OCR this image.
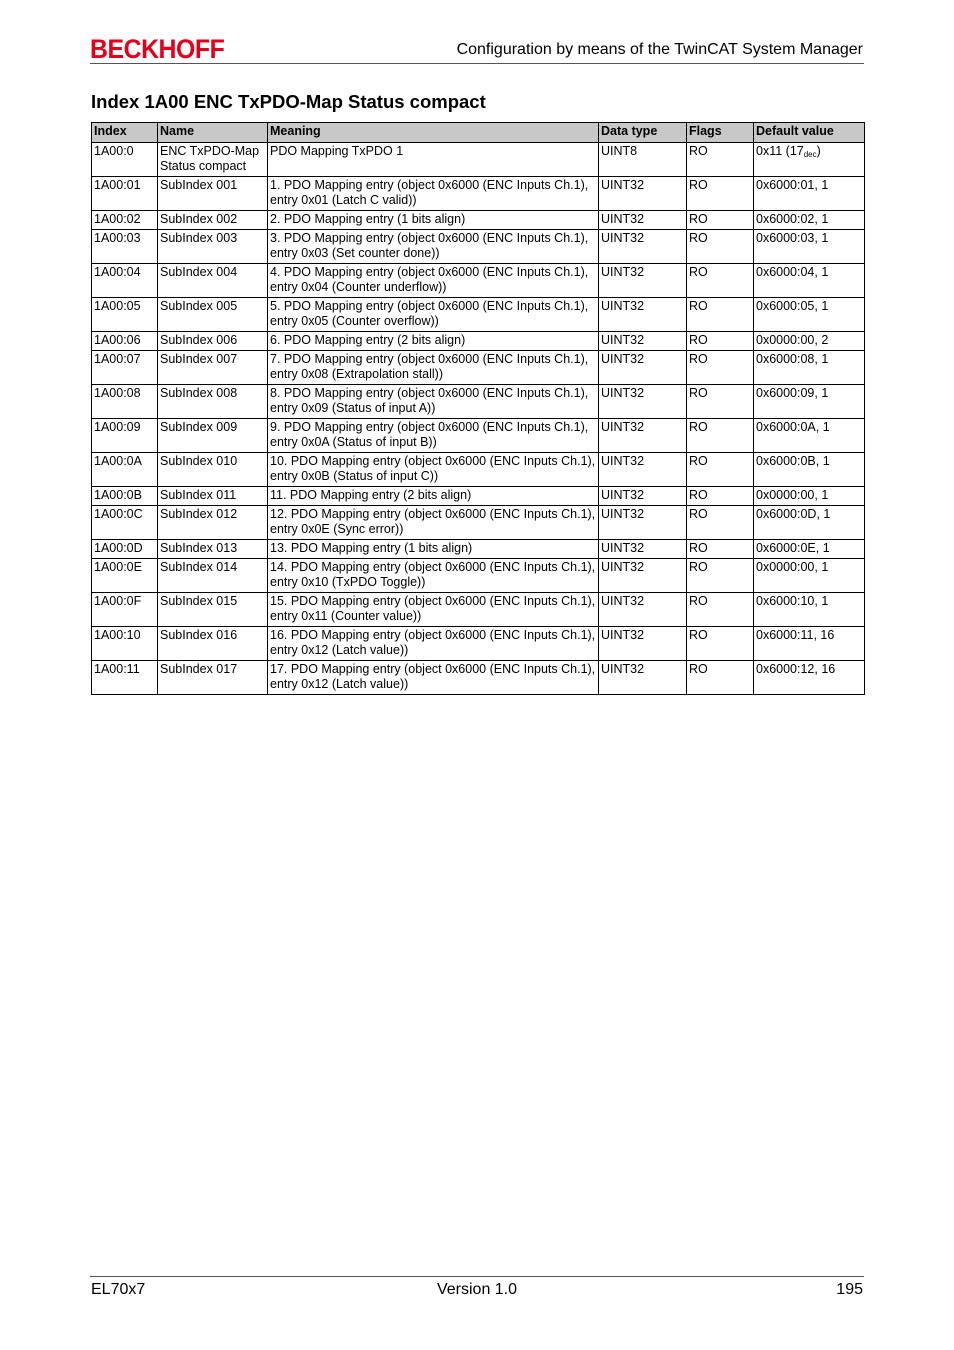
BECKHOFF	Configuration by means of the TwinCAT System Manager
Index 1A00 ENC TxPDO-Map Status compact
Index	Name	Meaning	Data type	Flags	Default value
1A00:0	ENC TxPDO-Map Status compact	PDO Mapping TxPDO 1	UINT8	RO	0x11 (17dec)
1A00:01	SubIndex 001	1. PDO Mapping entry (object 0x6000 (ENC Inputs Ch.1), entry 0x01 (Latch C valid))	UINT32	RO	0x6000:01, 1
1A00:02	SubIndex 002	2. PDO Mapping entry (1 bits align)	UINT32	RO	0x6000:02, 1
1A00:03	SubIndex 003	3. PDO Mapping entry (object 0x6000 (ENC Inputs Ch.1), entry 0x03 (Set counter done))	UINT32	RO	0x6000:03, 1
1A00:04	SubIndex 004	4. PDO Mapping entry (object 0x6000 (ENC Inputs Ch.1), entry 0x04 (Counter underflow))	UINT32	RO	0x6000:04, 1
1A00:05	SubIndex 005	5. PDO Mapping entry (object 0x6000 (ENC Inputs Ch.1), entry 0x05 (Counter overflow))	UINT32	RO	0x6000:05, 1
1A00:06	SubIndex 006	6. PDO Mapping entry (2 bits align)	UINT32	RO	0x0000:00, 2
1A00:07	SubIndex 007	7. PDO Mapping entry (object 0x6000 (ENC Inputs Ch.1), entry 0x08 (Extrapolation stall))	UINT32	RO	0x6000:08, 1
1A00:08	SubIndex 008	8. PDO Mapping entry (object 0x6000 (ENC Inputs Ch.1), entry 0x09 (Status of input A))	UINT32	RO	0x6000:09, 1
1A00:09	SubIndex 009	9. PDO Mapping entry (object 0x6000 (ENC Inputs Ch.1), entry 0x0A (Status of input B))	UINT32	RO	0x6000:0A, 1
1A00:0A	SubIndex 010	10. PDO Mapping entry (object 0x6000 (ENC Inputs Ch.1), entry 0x0B (Status of input C))	UINT32	RO	0x6000:0B, 1
1A00:0B	SubIndex 011	11. PDO Mapping entry (2 bits align)	UINT32	RO	0x0000:00, 1
1A00:0C	SubIndex 012	12. PDO Mapping entry (object 0x6000 (ENC Inputs Ch.1), entry 0x0E (Sync error))	UINT32	RO	0x6000:0D, 1
1A00:0D	SubIndex 013	13. PDO Mapping entry (1 bits align)	UINT32	RO	0x6000:0E, 1
1A00:0E	SubIndex 014	14. PDO Mapping entry (object 0x6000 (ENC Inputs Ch.1), entry 0x10 (TxPDO Toggle))	UINT32	RO	0x0000:00, 1
1A00:0F	SubIndex 015	15. PDO Mapping entry (object 0x6000 (ENC Inputs Ch.1), entry 0x11 (Counter value))	UINT32	RO	0x6000:10, 1
1A00:10	SubIndex 016	16. PDO Mapping entry (object 0x6000 (ENC Inputs Ch.1), entry 0x12 (Latch value))	UINT32	RO	0x6000:11, 16
1A00:11	SubIndex 017	17. PDO Mapping entry (object 0x6000 (ENC Inputs Ch.1), entry 0x12 (Latch value))	UINT32	RO	0x6000:12, 16
EL70x7	Version 1.0	195
